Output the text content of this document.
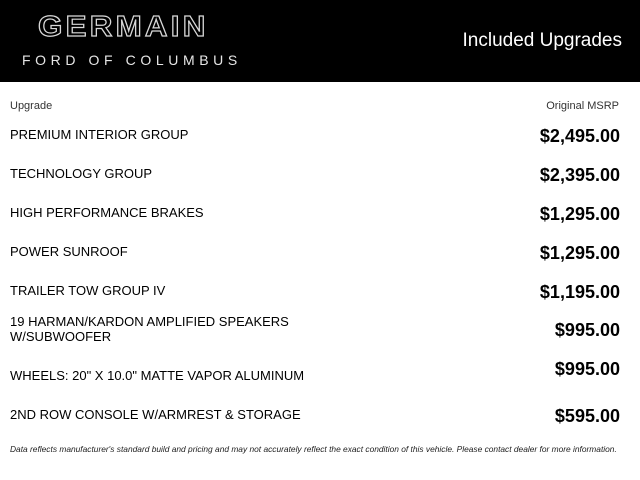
GERMAIN
FORD OF COLUMBUS
Included Upgrades
Upgrade	Original MSRP
PREMIUM INTERIOR GROUP	$2,495.00
TECHNOLOGY GROUP	$2,395.00
HIGH PERFORMANCE BRAKES	$1,295.00
POWER SUNROOF	$1,295.00
TRAILER TOW GROUP IV	$1,195.00
19 HARMAN/KARDON AMPLIFIED SPEAKERS W/SUBWOOFER	$995.00
WHEELS: 20" X 10.0" MATTE VAPOR ALUMINUM	$995.00
2ND ROW CONSOLE W/ARMREST & STORAGE	$595.00
Data reflects manufacturer's standard build and pricing and may not accurately reflect the exact condition of this vehicle. Please contact dealer for more information.
